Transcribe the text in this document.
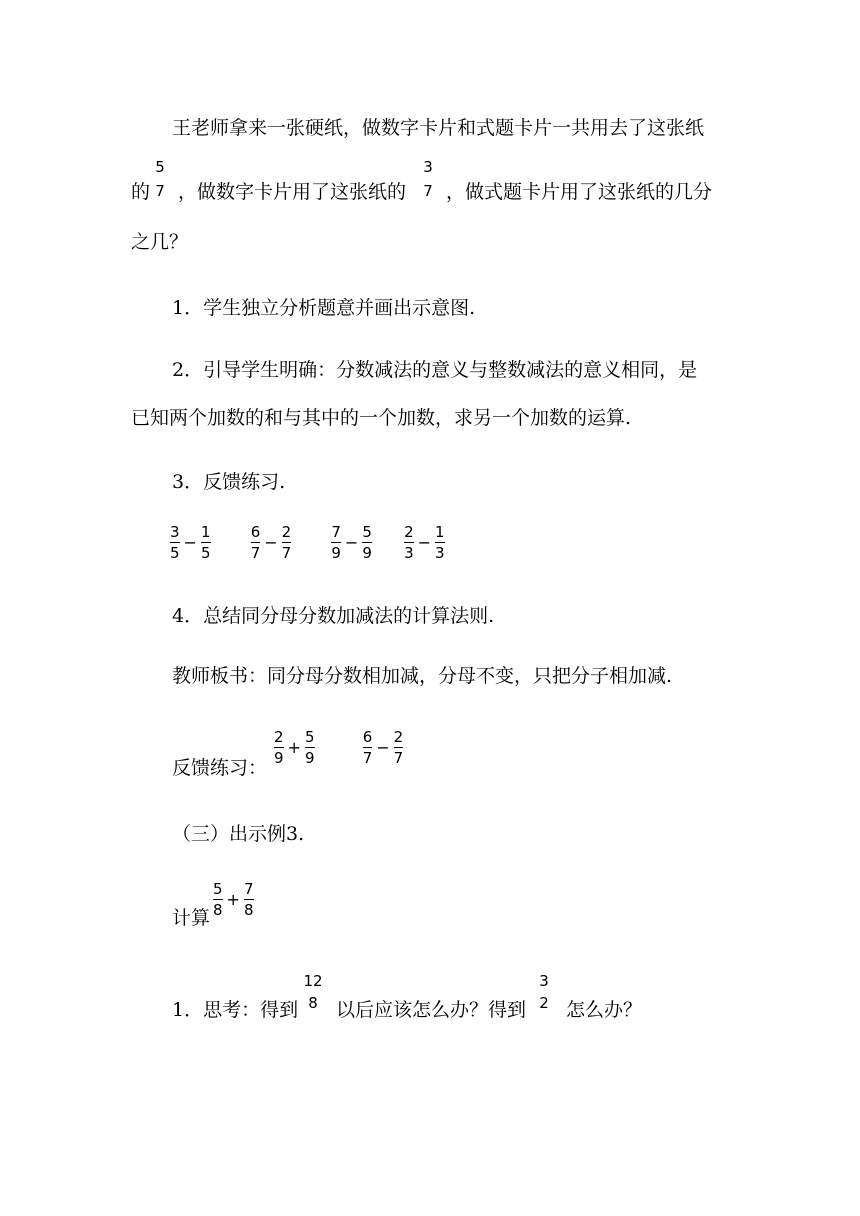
王老师拿来一张硬纸，做数字卡片和式题卡片一共用去了这张纸
的
5
7 ，做数字卡片用了这张纸的
3
7 ，做式题卡片用了这张纸的几分
之几？
1．学生独立分析题意并画出示意图.
2．引导学生明确：分数减法的意义与整数减法的意义相同，是
已知两个加数的和与其中的一个加数，求另一个加数的运算.
3．反馈练习.
$\frac{3}{5} - \frac{1}{5}$
	$\frac{6}{7} - \frac{2}{7}$
	$\frac{7}{9} - \frac{5}{9}$
$\frac{2}{3} - \frac{1}{3}$
4．总结同分母分数加减法的计算法则.
教师板书：同分母分数相加减，分母不变，只把分子相加减.
反馈练习：
$\frac{2}{9} + \frac{5}{9}$
	$\frac{6}{7} - \frac{2}{7}$
（三）出示例3.
计算 $\frac{5}{8} + \frac{7}{8}$
1．思考：得到
12
8 以后应该怎么办？得到
3
2 怎么办？
